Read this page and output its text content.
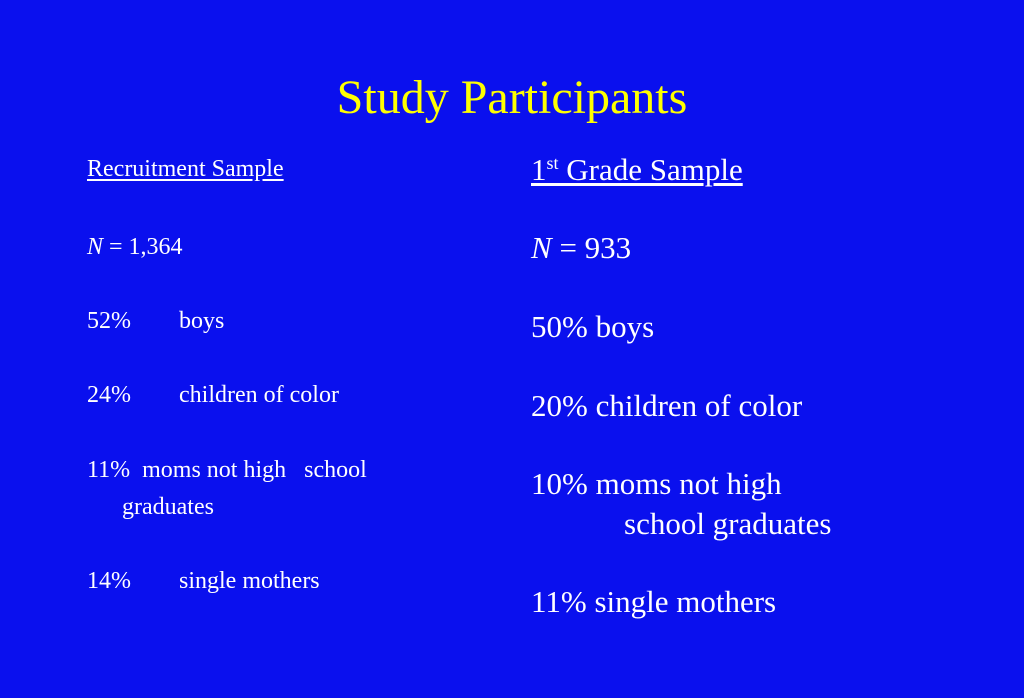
Study Participants
Recruitment Sample
N = 1,364
52% boys
24% children of color
11% moms not high   school
graduates
14% single mothers
1st Grade Sample
N = 933
50% boys
20% children of color
10% moms not high
school graduates
11% single mothers
